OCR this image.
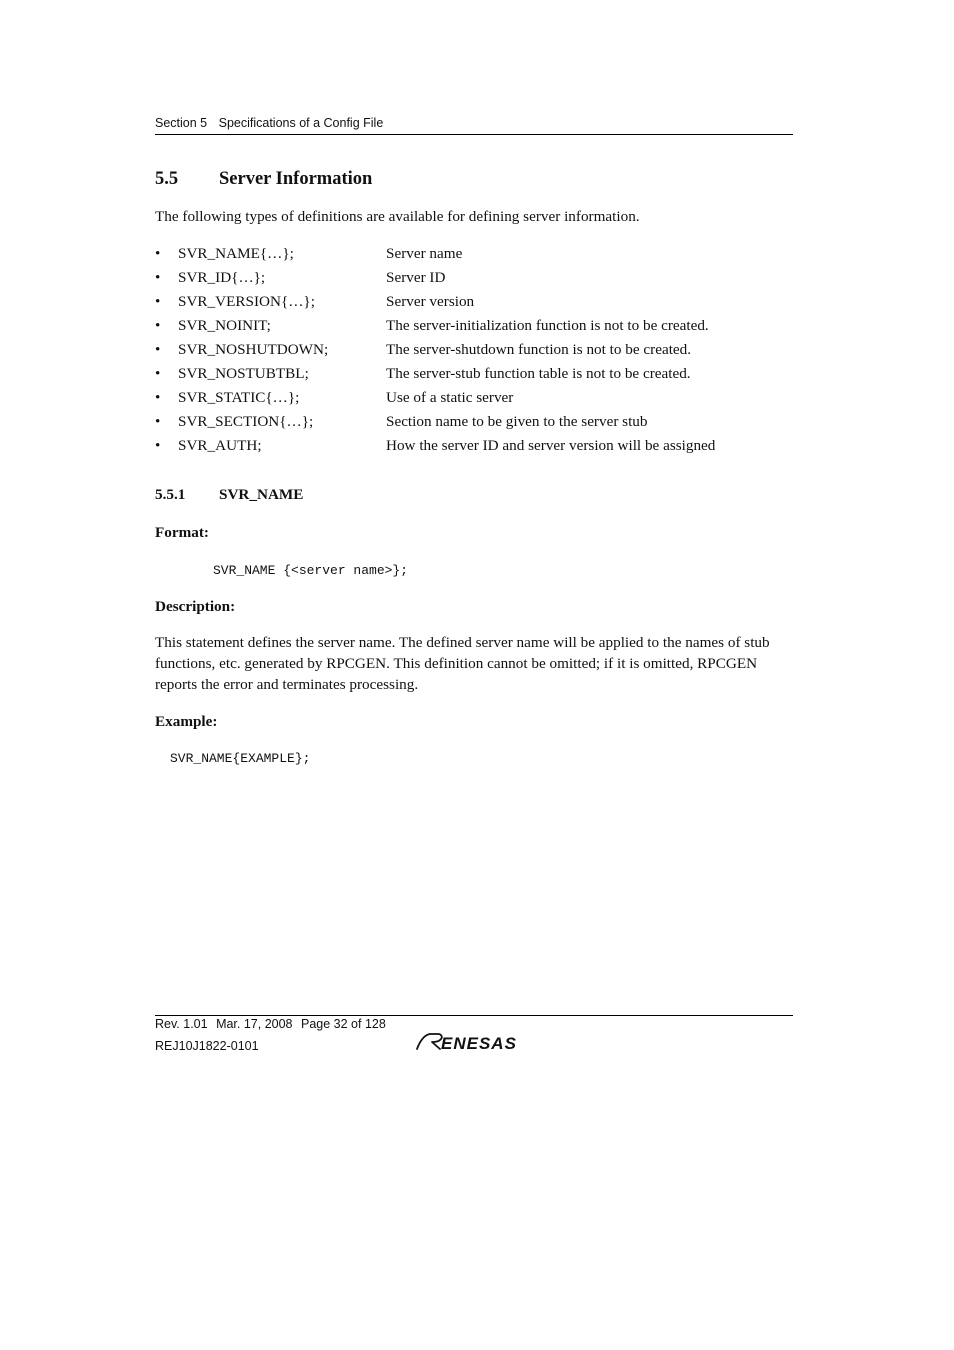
Section 5 Specifications of a Config File
5.5 Server Information
The following types of definitions are available for defining server information.
• SVR_NAME{…};	Server name
• SVR_ID{…};	Server ID
• SVR_VERSION{…};	Server version
• SVR_NOINIT;	The server-initialization function is not to be created.
• SVR_NOSHUTDOWN;	The server-shutdown function is not to be created.
• SVR_NOSTUBTBL;	The server-stub function table is not to be created.
• SVR_STATIC{…};	Use of a static server
• SVR_SECTION{…};	Section name to be given to the server stub
• SVR_AUTH;	How the server ID and server version will be assigned
5.5.1 SVR_NAME
Format:
SVR_NAME {<server name>};
Description:
This statement defines the server name. The defined server name will be applied to the names of stub functions, etc. generated by RPCGEN. This definition cannot be omitted; if it is omitted, RPCGEN reports the error and terminates processing.
Example:
SVR_NAME{EXAMPLE};
Rev. 1.01 Mar. 17, 2008 Page 32 of 128
REJ10J1822-0101	ENESAS
